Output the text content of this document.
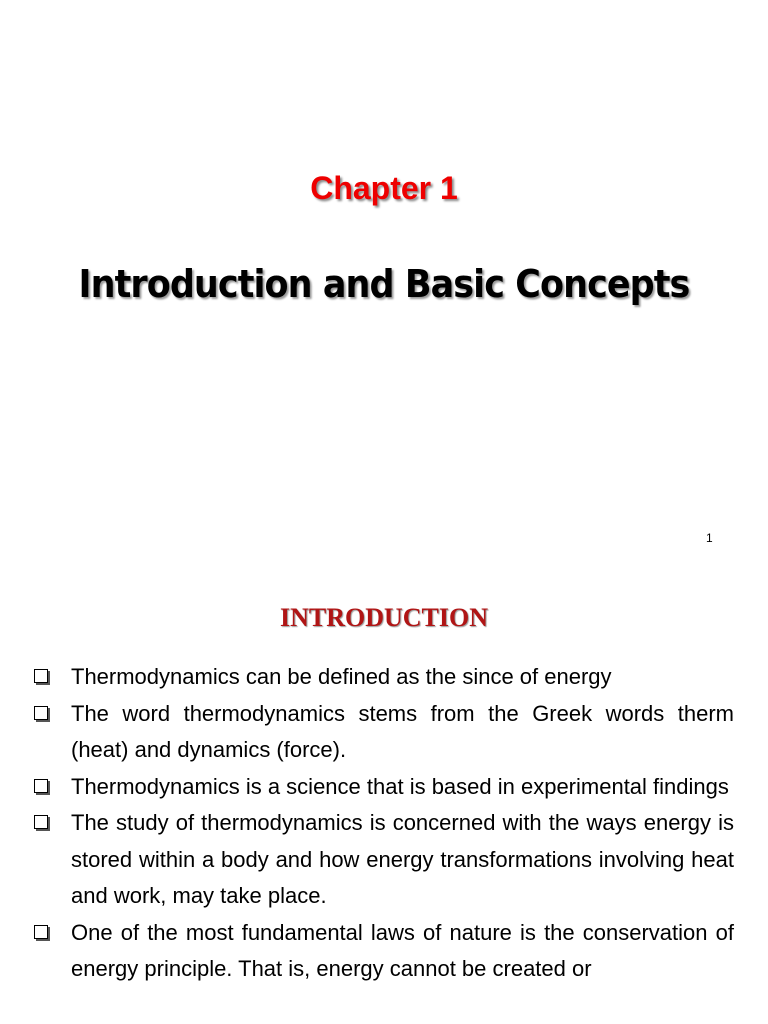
Chapter 1
Introduction and Basic Concepts
1
INTRODUCTION
Thermodynamics can be defined as the since of energy
The word thermodynamics stems from the Greek words therm (heat) and dynamics (force).
Thermodynamics is a science that is based in experimental findings
The study of thermodynamics is concerned with the ways energy is stored within a body and how energy transformations involving heat and work, may take place.
One of the most fundamental laws of nature is the conservation of energy principle. That is, energy cannot be created or
